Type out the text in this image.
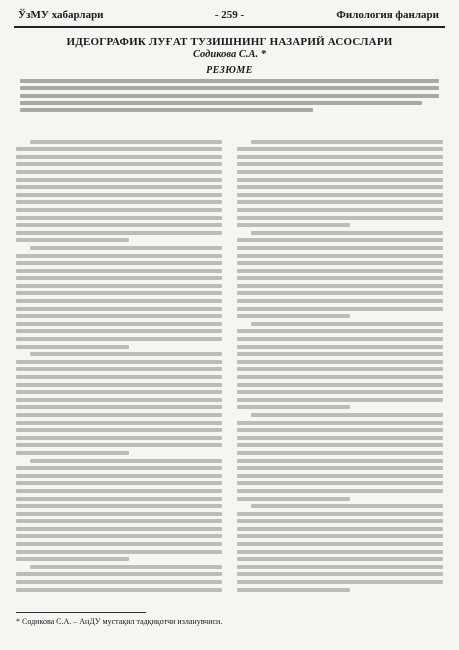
ЎзМУ хабарлари	- 259 -	Филология фанлари
ИДЕОГРАФИК ЛУҒАТ ТУЗИШНИНГ НАЗАРИЙ АСОСЛАРИ
Содикова С.А. *
РЕЗЮМЕ
* Содикова С.А. – АнДУ мустақил тадқиқотчи изланувчиси.
